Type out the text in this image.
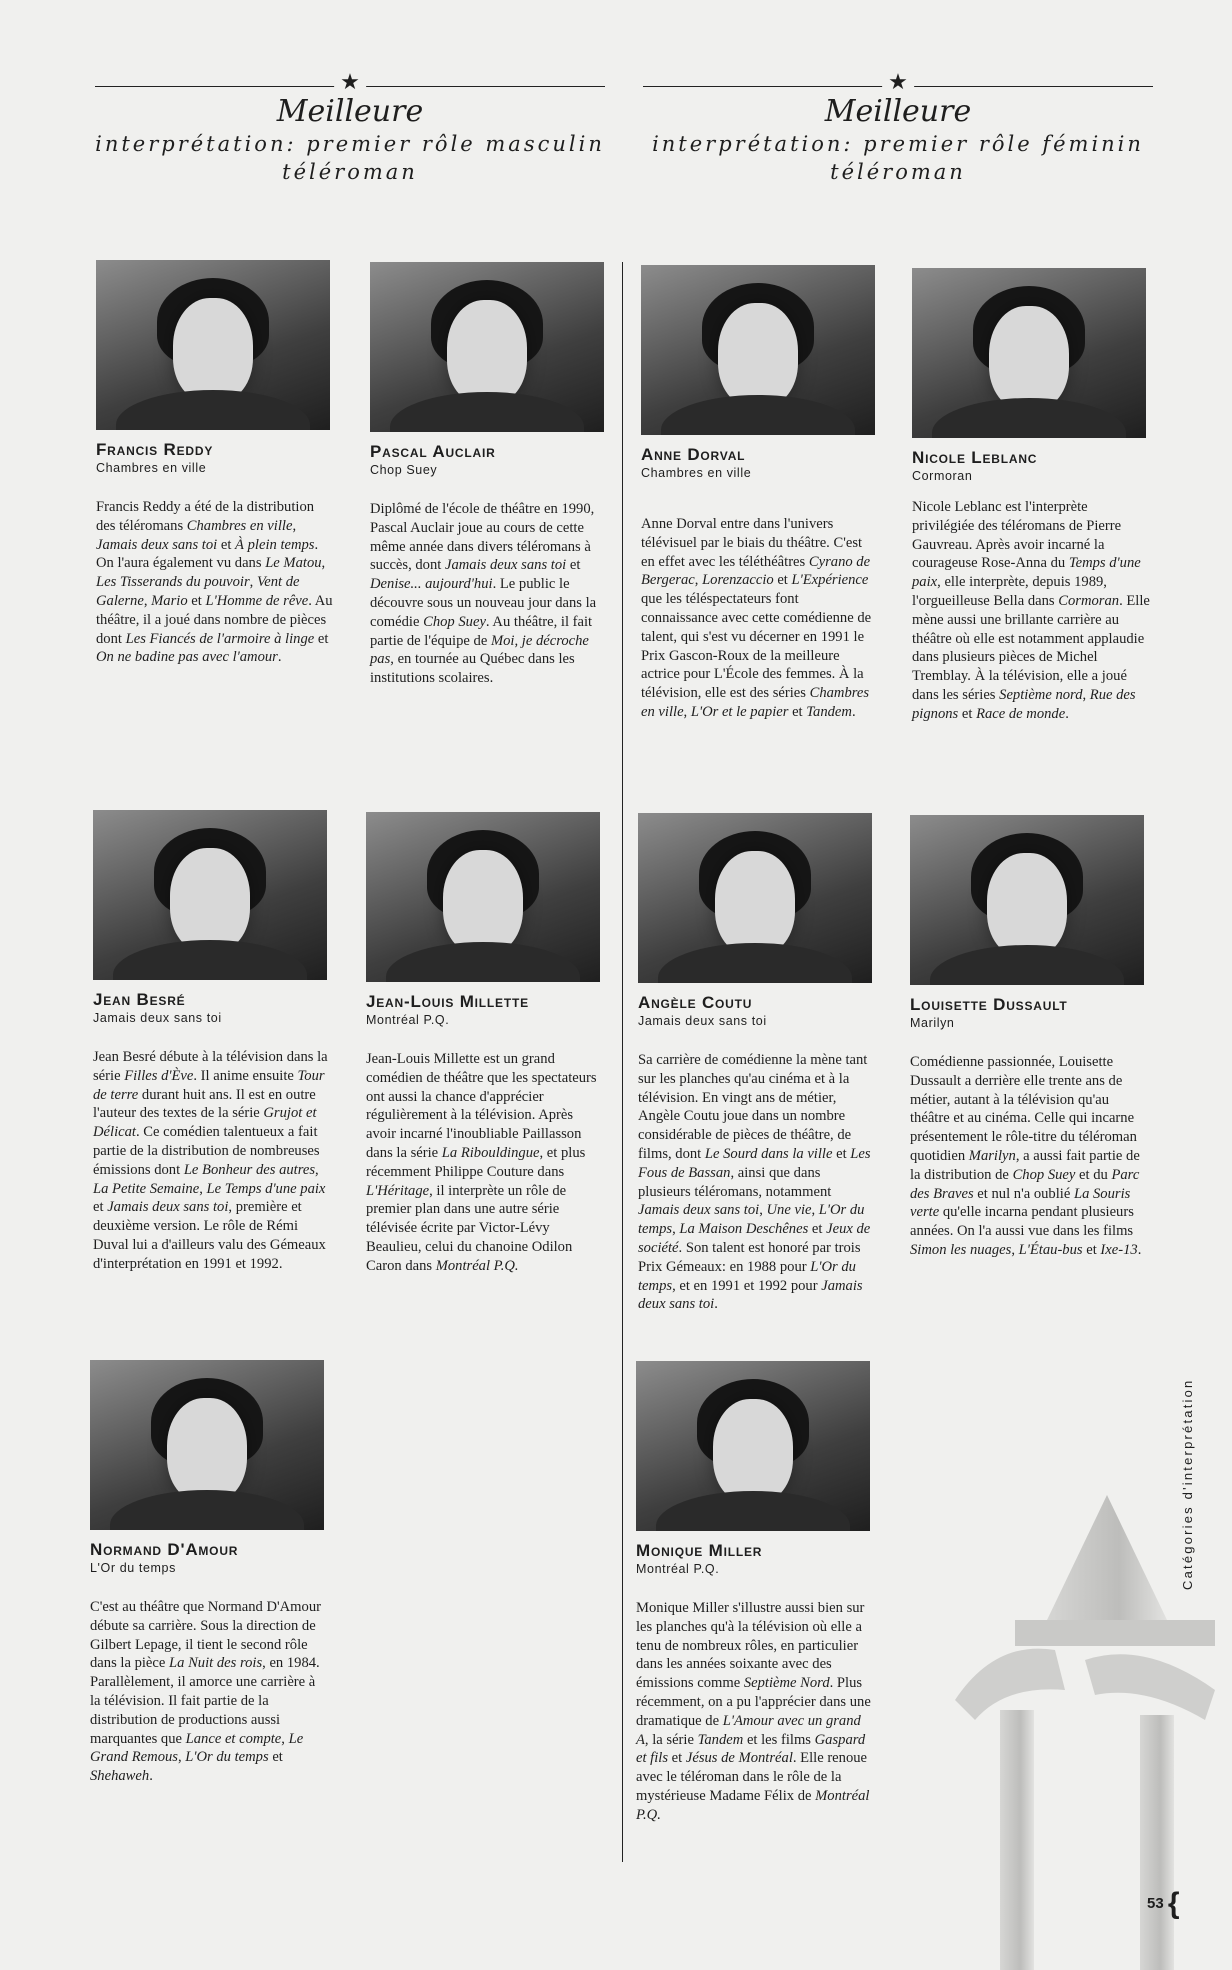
★
Meilleure
interprétation: premier rôle masculin
téléroman
★
Meilleure
interprétation: premier rôle féminin
téléroman
Francis Reddy
Chambres en ville
Francis Reddy a été de la distribution des téléromans Chambres en ville, Jamais deux sans toi et À plein temps. On l'aura également vu dans Le Matou, Les Tisserands du pouvoir, Vent de Galerne, Mario et L'Homme de rêve. Au théâtre, il a joué dans nombre de pièces dont Les Fiancés de l'armoire à linge et On ne badine pas avec l'amour.
Pascal Auclair
Chop Suey
Diplômé de l'école de théâtre en 1990, Pascal Auclair joue au cours de cette même année dans divers téléromans à succès, dont Jamais deux sans toi et Denise... aujourd'hui. Le public le découvre sous un nouveau jour dans la comédie Chop Suey. Au théâtre, il fait partie de l'équipe de Moi, je décroche pas, en tournée au Québec dans les institutions scolaires.
Anne Dorval
Chambres en ville
Anne Dorval entre dans l'univers télévisuel par le biais du théâtre. C'est en effet avec les téléthéâtres Cyrano de Bergerac, Lorenzaccio et L'Expérience que les téléspectateurs font connaissance avec cette comédienne de talent, qui s'est vu décerner en 1991 le Prix Gascon-Roux de la meilleure actrice pour L'École des femmes. À la télévision, elle est des séries Chambres en ville, L'Or et le papier et Tandem.
Nicole Leblanc
Cormoran
Nicole Leblanc est l'interprète privilégiée des téléromans de Pierre Gauvreau. Après avoir incarné la courageuse Rose-Anna du Temps d'une paix, elle interprète, depuis 1989, l'orgueilleuse Bella dans Cormoran. Elle mène aussi une brillante carrière au théâtre où elle est notamment applaudie dans plusieurs pièces de Michel Tremblay. À la télévision, elle a joué dans les séries Septième nord, Rue des pignons et Race de monde.
Jean Besré
Jamais deux sans toi
Jean Besré débute à la télévision dans la série Filles d'Ève. Il anime ensuite Tour de terre durant huit ans. Il est en outre l'auteur des textes de la série Grujot et Délicat. Ce comédien talentueux a fait partie de la distribution de nombreuses émissions dont Le Bonheur des autres, La Petite Semaine, Le Temps d'une paix et Jamais deux sans toi, première et deuxième version. Le rôle de Rémi Duval lui a d'ailleurs valu des Gémeaux d'interprétation en 1991 et 1992.
Jean-Louis Millette
Montréal P.Q.
Jean-Louis Millette est un grand comédien de théâtre que les spectateurs ont aussi la chance d'apprécier régulièrement à la télévision. Après avoir incarné l'inoubliable Paillasson dans la série La Ribouldingue, et plus récemment Philippe Couture dans L'Héritage, il interprète un rôle de premier plan dans une autre série télévisée écrite par Victor-Lévy Beaulieu, celui du chanoine Odilon Caron dans Montréal P.Q.
Angèle Coutu
Jamais deux sans toi
Sa carrière de comédienne la mène tant sur les planches qu'au cinéma et à la télévision. En vingt ans de métier, Angèle Coutu joue dans un nombre considérable de pièces de théâtre, de films, dont Le Sourd dans la ville et Les Fous de Bassan, ainsi que dans plusieurs téléromans, notamment Jamais deux sans toi, Une vie, L'Or du temps, La Maison Deschênes et Jeux de société. Son talent est honoré par trois Prix Gémeaux: en 1988 pour L'Or du temps, et en 1991 et 1992 pour Jamais deux sans toi.
Louisette Dussault
Marilyn
Comédienne passionnée, Louisette Dussault a derrière elle trente ans de métier, autant à la télévision qu'au théâtre et au cinéma. Celle qui incarne présentement le rôle-titre du téléroman quotidien Marilyn, a aussi fait partie de la distribution de Chop Suey et du Parc des Braves et nul n'a oublié La Souris verte qu'elle incarna pendant plusieurs années. On l'a aussi vue dans les films Simon les nuages, L'Étau-bus et Ixe-13.
Normand D'Amour
L'Or du temps
C'est au théâtre que Normand D'Amour débute sa carrière. Sous la direction de Gilbert Lepage, il tient le second rôle dans la pièce La Nuit des rois, en 1984. Parallèlement, il amorce une carrière à la télévision. Il fait partie de la distribution de productions aussi marquantes que Lance et compte, Le Grand Remous, L'Or du temps et Shehaweh.
Monique Miller
Montréal P.Q.
Monique Miller s'illustre aussi bien sur les planches qu'à la télévision où elle a tenu de nombreux rôles, en particulier dans les années soixante avec des émissions comme Septième Nord. Plus récemment, on a pu l'apprécier dans une dramatique de L'Amour avec un grand A, la série Tandem et les films Gaspard et fils et Jésus de Montréal. Elle renoue avec le téléroman dans le rôle de la mystérieuse Madame Félix de Montréal P.Q.
Catégories d'interprétation
53 {
